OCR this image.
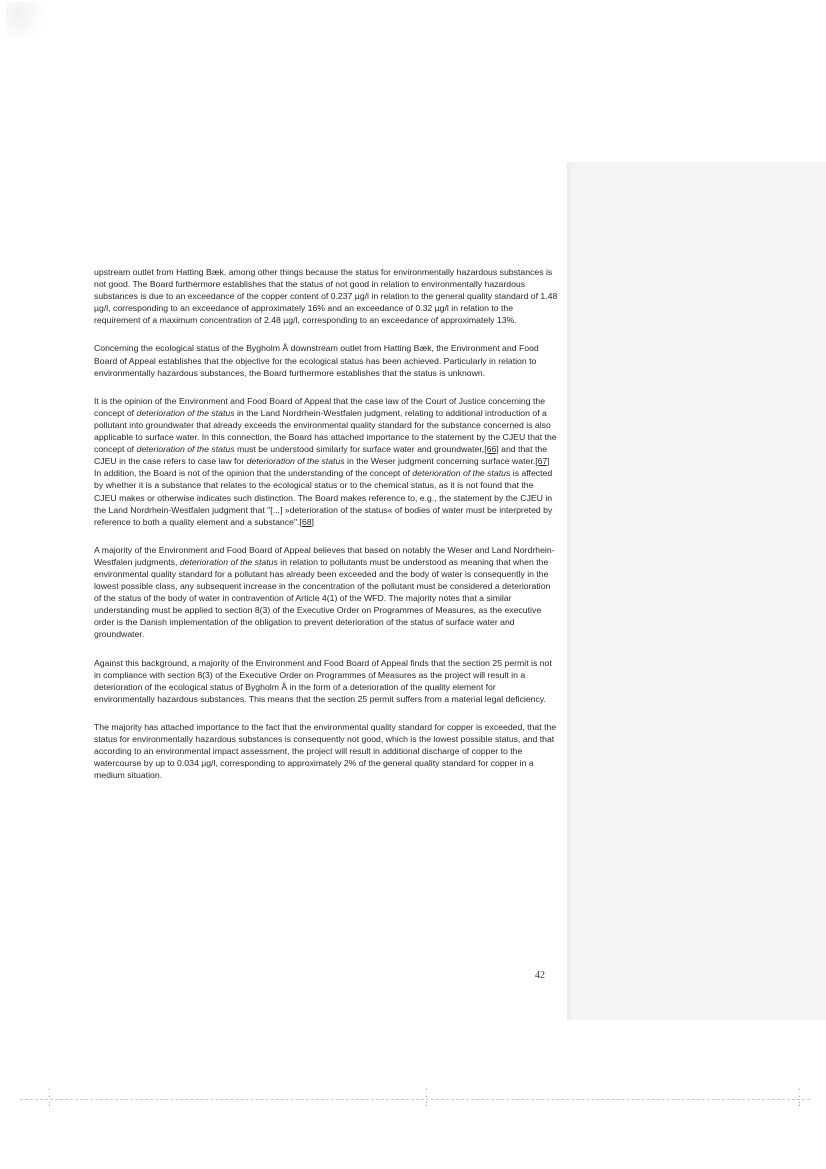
upstream outlet from Hatting Bæk, among other things because the status for environmentally hazardous substances is not good. The Board furthermore establishes that the status of not good in relation to environmentally hazardous substances is due to an exceedance of the copper content of 0.237 µg/l in relation to the general quality standard of 1.48 µg/l, corresponding to an exceedance of approximately 16% and an exceedance of 0.32 µg/l in relation to the requirement of a maximum concentration of 2.48 µg/l, corresponding to an exceedance of approximately 13%.

Concerning the ecological status of the Bygholm Å downstream outlet from Hatting Bæk, the Environment and Food Board of Appeal establishes that the objective for the ecological status has been achieved. Particularly in relation to environmentally hazardous substances, the Board furthermore establishes that the status is unknown.

It is the opinion of the Environment and Food Board of Appeal that the case law of the Court of Justice concerning the concept of deterioration of the status in the Land Nordrhein-Westfalen judgment, relating to additional introduction of a pollutant into groundwater that already exceeds the environmental quality standard for the substance concerned is also applicable to surface water. In this connection, the Board has attached importance to the statement by the CJEU that the concept of deterioration of the status must be understood similarly for surface water and groundwater,[66] and that the CJEU in the case refers to case law for deterioration of the status in the Weser judgment concerning surface water.[67] In addition, the Board is not of the opinion that the understanding of the concept of deterioration of the status is affected by whether it is a substance that relates to the ecological status or to the chemical status, as it is not found that the CJEU makes or otherwise indicates such distinction. The Board makes reference to, e.g., the statement by the CJEU in the Land Nordrhein-Westfalen judgment that "[...] »deterioration of the status« of bodies of water must be interpreted by reference to both a quality element and a substance".[68]

A majority of the Environment and Food Board of Appeal believes that based on notably the Weser and Land Nordrhein-Westfalen judgments, deterioration of the status in relation to pollutants must be understood as meaning that when the environmental quality standard for a pollutant has already been exceeded and the body of water is consequently in the lowest possible class, any subsequent increase in the concentration of the pollutant must be considered a deterioration of the status of the body of water in contravention of Article 4(1) of the WFD. The majority notes that a similar understanding must be applied to section 8(3) of the Executive Order on Programmes of Measures, as the executive order is the Danish implementation of the obligation to prevent deterioration of the status of surface water and groundwater.

Against this background, a majority of the Environment and Food Board of Appeal finds that the section 25 permit is not in compliance with section 8(3) of the Executive Order on Programmes of Measures as the project will result in a deterioration of the ecological status of Bygholm Å in the form of a deterioration of the quality element for environmentally hazardous substances. This means that the section 25 permit suffers from a material legal deficiency.

The majority has attached importance to the fact that the environmental quality standard for copper is exceeded, that the status for environmentally hazardous substances is consequently not good, which is the lowest possible status, and that according to an environmental impact assessment, the project will result in additional discharge of copper to the watercourse by up to 0.034 µg/l, corresponding to approximately 2% of the general quality standard for copper in a medium situation.

42
·
·
:
·
·
:
·
·
:
